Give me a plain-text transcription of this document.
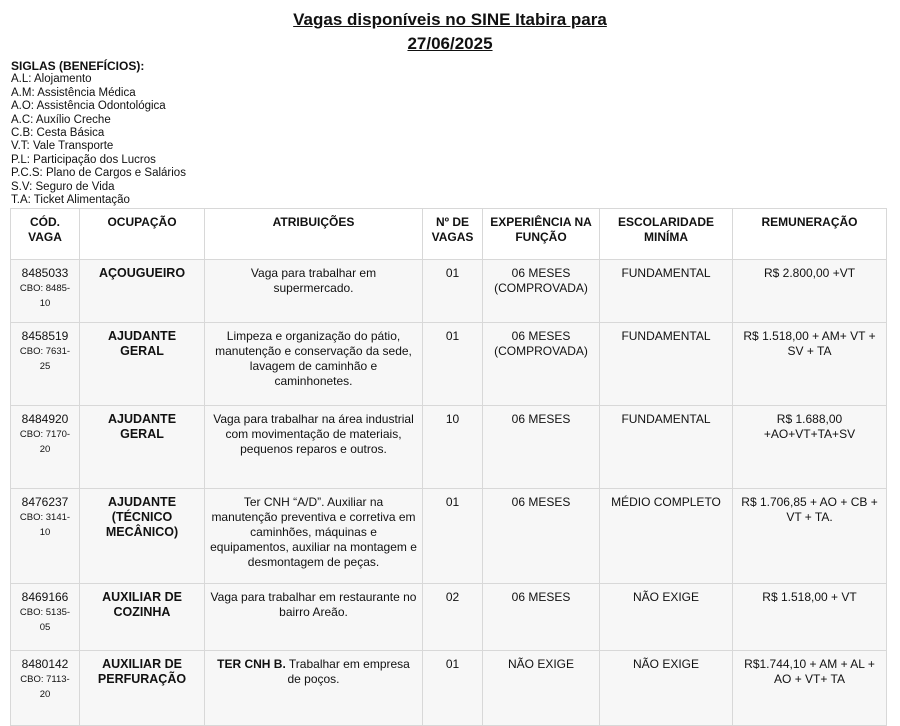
Vagas disponíveis no SINE Itabira para
27/06/2025
SIGLAS (BENEFÍCIOS):
A.L: Alojamento
A.M: Assistência Médica
A.O: Assistência Odontológica
A.C: Auxílio Creche
C.B: Cesta Básica
V.T: Vale Transporte
P.L: Participação dos Lucros
P.C.S: Plano de Cargos e Salários
S.V: Seguro de Vida
T.A: Ticket Alimentação
CÓD. VAGA	OCUPAÇÃO	ATRIBUIÇÕES	Nº DE VAGAS	EXPERIÊNCIA NA FUNÇÃO	ESCOLARIDADE MINÍMA	REMUNERAÇÃO

8485033
CBO: 8485-10	AÇOUGUEIRO	Vaga para trabalhar em supermercado.	01	06 MESES (COMPROVADA)	FUNDAMENTAL	R$ 2.800,00 +VT

8458519
CBO: 7631-25	AJUDANTE GERAL	Limpeza e organização do pátio, manutenção e conservação da sede, lavagem de caminhão e caminhonetes.	01	06 MESES (COMPROVADA)	FUNDAMENTAL	R$ 1.518,00 + AM+ VT + SV + TA

8484920
CBO: 7170-20	AJUDANTE GERAL	Vaga para trabalhar na área industrial com movimentação de materiais, pequenos reparos e outros.	10	06 MESES	FUNDAMENTAL	R$ 1.688,00 +AO+VT+TA+SV

8476237
CBO: 3141-10	AJUDANTE (TÉCNICO MECÂNICO)	Ter CNH “A/D”. Auxiliar na manutenção preventiva e corretiva em caminhões, máquinas e equipamentos, auxiliar na montagem e desmontagem de peças.	01	06 MESES	MÉDIO COMPLETO	R$ 1.706,85 + AO + CB + VT + TA.

8469166
CBO: 5135-05	AUXILIAR DE COZINHA	Vaga para trabalhar em restaurante no bairro Areão.	02	06 MESES	NÃO EXIGE	R$ 1.518,00 + VT

8480142
CBO: 7113-20	AUXILIAR DE PERFURAÇÃO	TER CNH B. Trabalhar em empresa de poços.	01	NÃO EXIGE	NÃO EXIGE	R$1.744,10 + AM + AL + AO + VT+ TA
